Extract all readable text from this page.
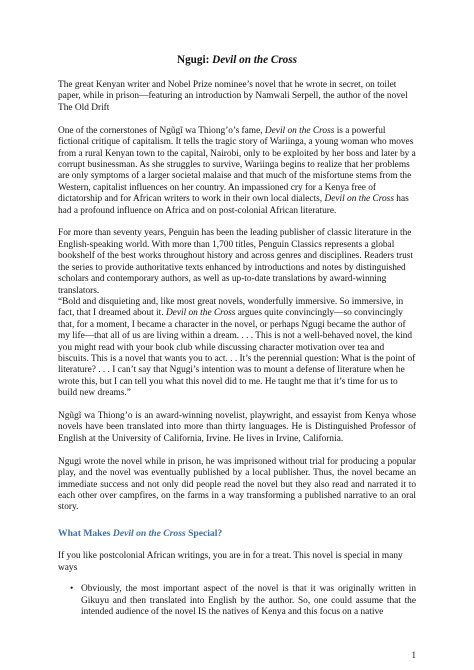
Ngugi: Devil on the Cross

The great Kenyan writer and Nobel Prize nominee’s novel that he wrote in secret, on toilet paper, while in prison—featuring an introduction by Namwali Serpell, the author of the novel The Old Drift

One of the cornerstones of Ngũgĩ wa Thiong’o’s fame, Devil on the Cross is a powerful fictional critique of capitalism. It tells the tragic story of Wariinga, a young woman who moves from a rural Kenyan town to the capital, Nairobi, only to be exploited by her boss and later by a corrupt businessman. As she struggles to survive, Wariinga begins to realize that her problems are only symptoms of a larger societal malaise and that much of the misfortune stems from the Western, capitalist influences on her country. An impassioned cry for a Kenya free of dictatorship and for African writers to work in their own local dialects, Devil on the Cross has had a profound influence on Africa and on post-colonial African literature.

For more than seventy years, Penguin has been the leading publisher of classic literature in the English-speaking world. With more than 1,700 titles, Penguin Classics represents a global bookshelf of the best works throughout history and across genres and disciplines. Readers trust the series to provide authoritative texts enhanced by introductions and notes by distinguished scholars and contemporary authors, as well as up-to-date translations by award-winning translators.

“Bold and disquieting and, like most great novels, wonderfully immersive. So immersive, in fact, that I dreamed about it. Devil on the Cross argues quite convincingly—so convincingly that, for a moment, I became a character in the novel, or perhaps Ngugi became the author of my life—that all of us are living within a dream. . . . This is not a well-behaved novel, the kind you might read with your book club while discussing character motivation over tea and biscuits. This is a novel that wants you to act. . . It’s the perennial question: What is the point of literature? . . . I can’t say that Ngugi’s intention was to mount a defense of literature when he wrote this, but I can tell you what this novel did to me. He taught me that it’s time for us to build new dreams.”

Ngũgĩ wa Thiong’o is an award-winning novelist, playwright, and essayist from Kenya whose novels have been translated into more than thirty languages. He is Distinguished Professor of English at the University of California, Irvine. He lives in Irvine, California.

Ngugi wrote the novel while in prison, he was imprisoned without trial for producing a popular play, and the novel was eventually published by a local publisher. Thus, the novel became an immediate success and not only did people read the novel but they also read and narrated it to each other over campfires, on the farms in a way transforming a published narrative to an oral story.

What Makes Devil on the Cross Special?

If you like postcolonial African writings, you are in for a treat. This novel is special in many ways

• Obviously, the most important aspect of the novel is that it was originally written in Gikuyu and then translated into English by the author. So, one could assume that the intended audience of the novel IS the natives of Kenya and this focus on a native
1
